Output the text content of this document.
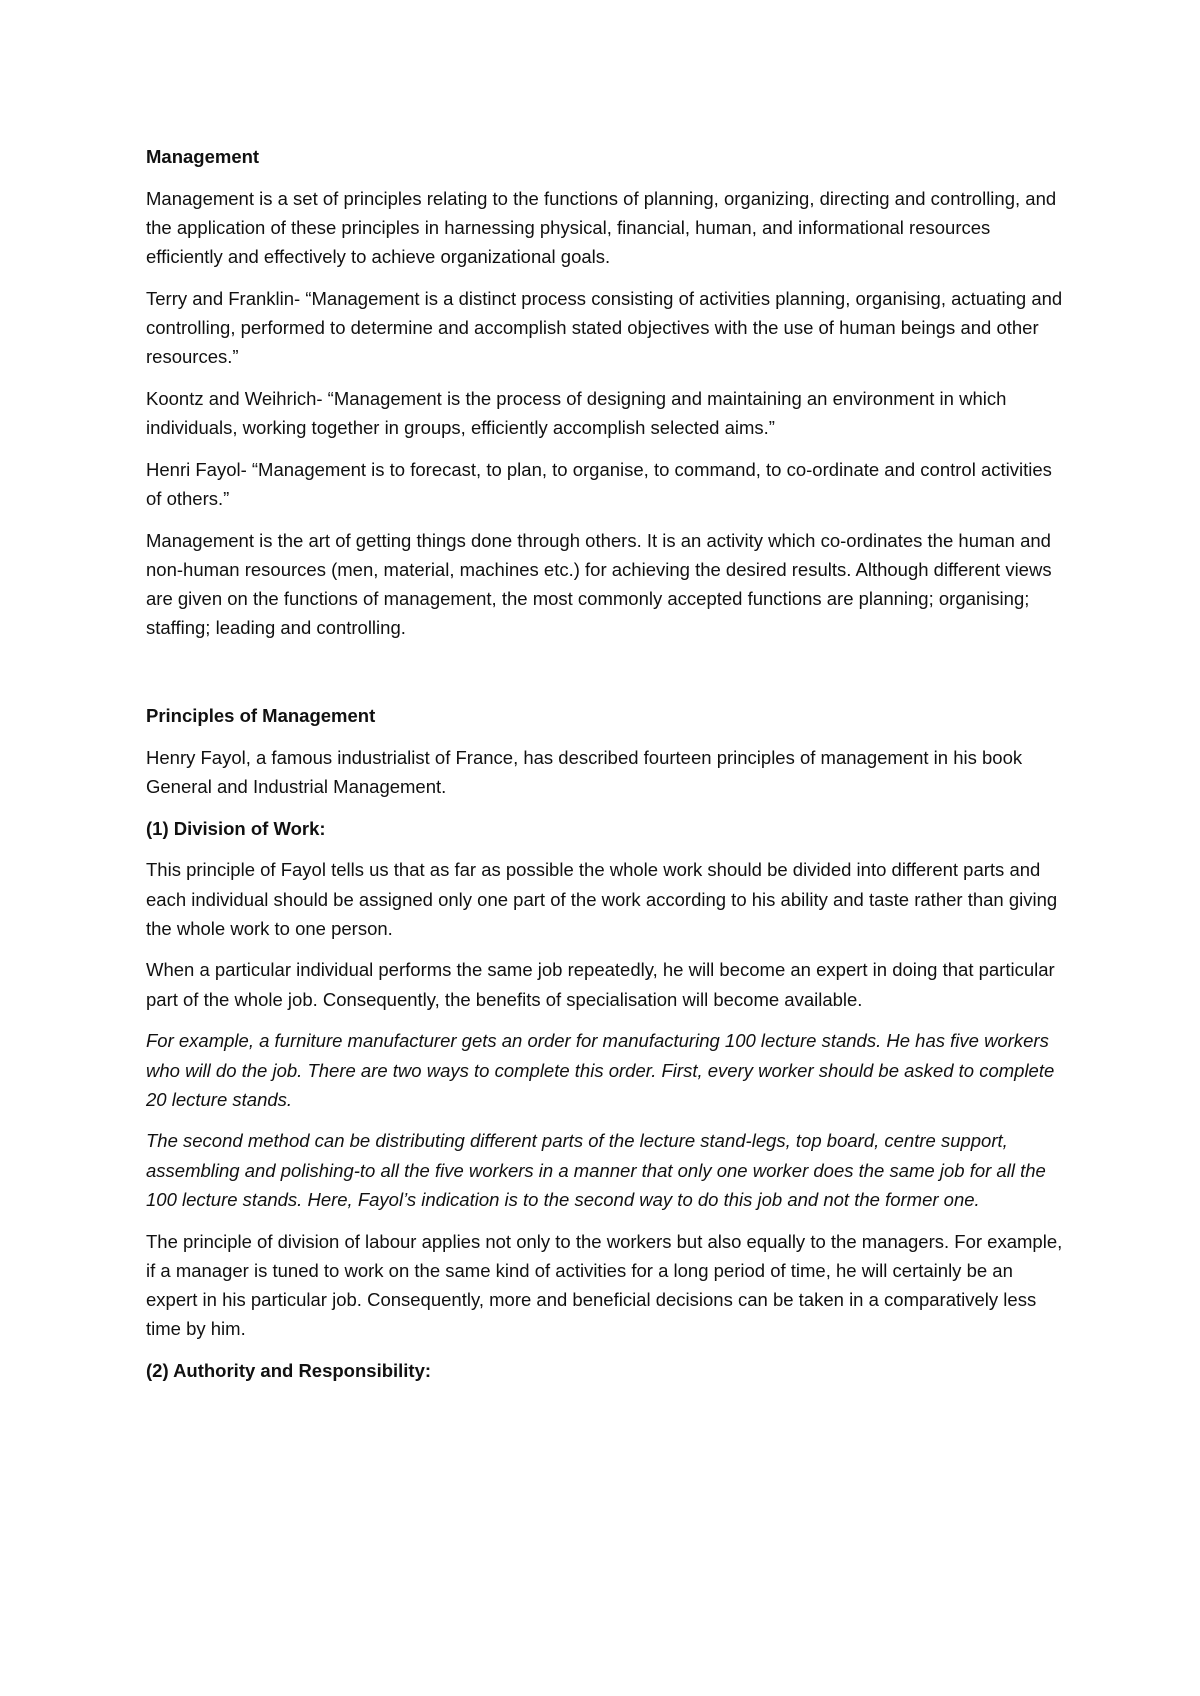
Management

Management is a set of principles relating to the functions of planning, organizing, directing and controlling, and the application of these principles in harnessing physical, financial, human, and informational resources efficiently and effectively to achieve organizational goals.

Terry and Franklin- “Management is a distinct process consisting of activities planning, organising, actuating and controlling, performed to determine and accomplish stated objectives with the use of human beings and other resources.”

Koontz and Weihrich- “Management is the process of designing and maintaining an environment in which individuals, working together in groups, efficiently accomplish selected aims.”

Henri Fayol- “Management is to forecast, to plan, to organise, to command, to co-ordinate and control activities of others.”

Management is the art of getting things done through others. It is an activity which co-ordinates the human and non-human resources (men, material, machines etc.) for achieving the desired results. Although different views are given on the functions of management, the most commonly accepted functions are planning; organising; staffing; leading and controlling.

Principles of Management

Henry Fayol, a famous industrialist of France, has described fourteen principles of management in his book General and Industrial Management.

(1) Division of Work:

This principle of Fayol tells us that as far as possible the whole work should be divided into different parts and each individual should be assigned only one part of the work according to his ability and taste rather than giving the whole work to one person.

When a particular individual performs the same job repeatedly, he will become an expert in doing that particular part of the whole job. Consequently, the benefits of specialisation will become available.

For example, a furniture manufacturer gets an order for manufacturing 100 lecture stands. He has five workers who will do the job. There are two ways to complete this order. First, every worker should be asked to complete 20 lecture stands.

The second method can be distributing different parts of the lecture stand-legs, top board, centre support, assembling and polishing-to all the five workers in a manner that only one worker does the same job for all the 100 lecture stands. Here, Fayol’s indication is to the second way to do this job and not the former one.

The principle of division of labour applies not only to the workers but also equally to the managers. For example, if a manager is tuned to work on the same kind of activities for a long period of time, he will certainly be an expert in his particular job. Consequently, more and beneficial decisions can be taken in a comparatively less time by him.

(2) Authority and Responsibility:
